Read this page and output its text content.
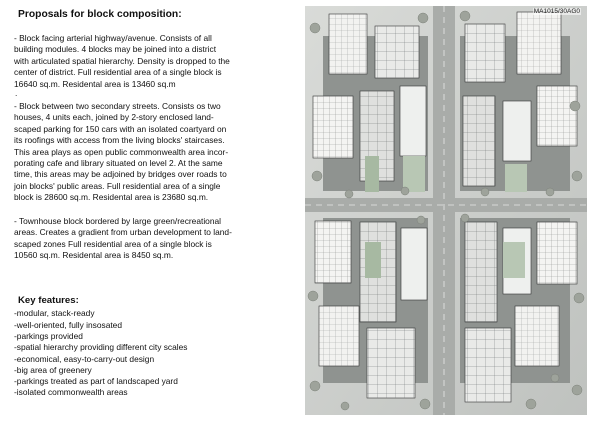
Proposals for block composition:

- Block facing arterial highway/avenue. Consists of all
building modules. 4 blocks may be joined into a district
with articulated spatial hierarchy. Density is dropped to the
center of district. Full residential area of a single block is
16640 sq.m. Residental area is 13460 sq.m

.

- Block between two secondary streets. Consists os two
houses, 4 units each, joined by 2-story enclosed land-
scaped parking for 150 cars with an isolated coartyard on
its roofings with access from the living blocks' staircases.
This area plays as open public commonwealth area incor-
porating cafe and library situated on level 2. At the same
time, this areas may be adjoined by bridges over roads to
join blocks' public areas. Full residential area of a single
block is 28600 sq.m. Residental area is 23680 sq.m.

- Townhouse block bordered by large green/recreational
areas. Creates a gradient from urban development to land-
scaped zones Full residential area of a single block is
10560 sq.m. Residental area is 8450 sq.m.

Key features:

-modular, stack-ready
-well-oriented, fully insosated
-parkings provided
-spatial hierarchy providing different city scales
-economical, easy-to-carry-out design
-big area of greenery
-parkings treated as part of landscaped yard
-isolated commonwealth areas
MA1015/30AG0
